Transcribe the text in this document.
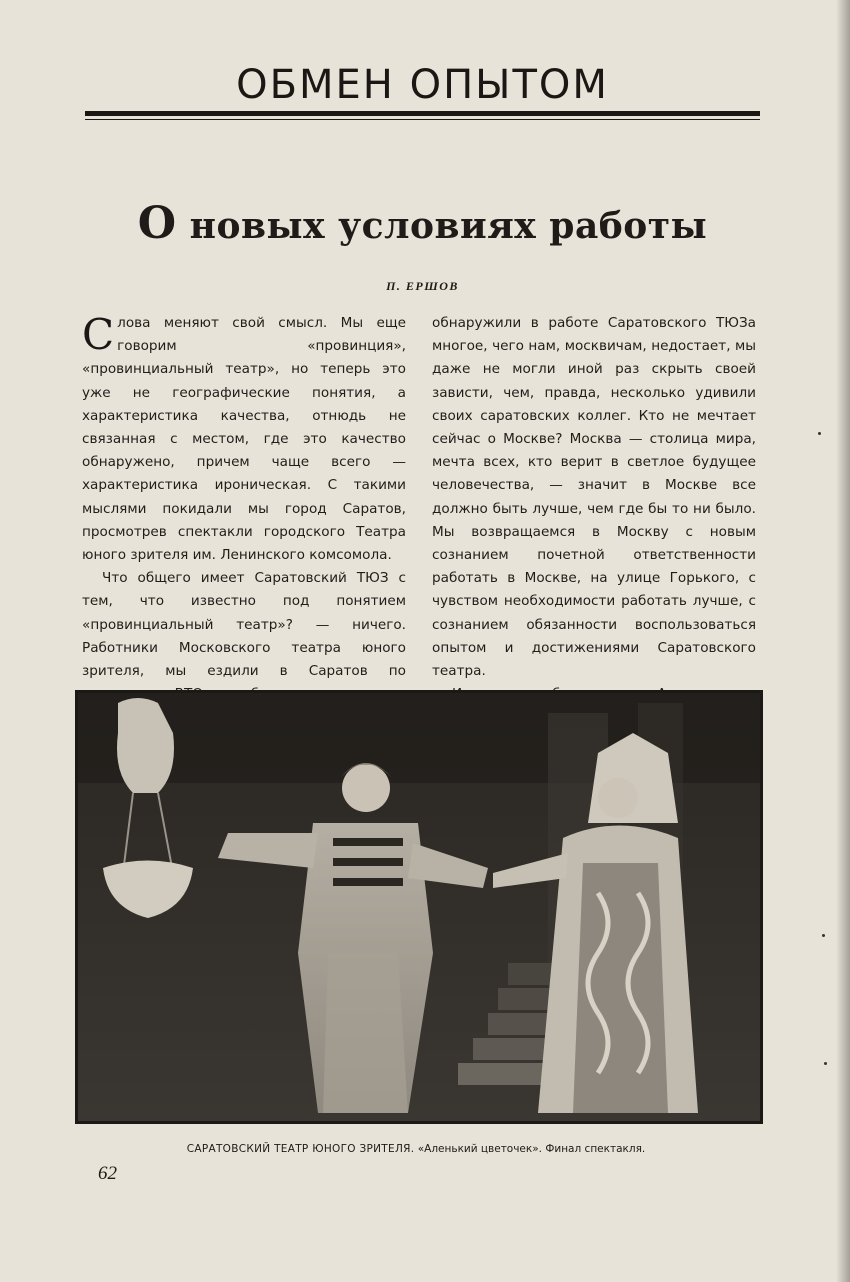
ОБМЕН ОПЫТОМ
О новых условиях работы
П. ЕРШОВ

Слова меняют свой смысл. Мы еще говорим «провинция», «провинциальный театр», но теперь это уже не географические понятия, а характеристика качества, отнюдь не связанная с местом, где это качество обнаружено, причем чаще всего — характеристика ироническая. С такими мыслями покидали мы город Саратов, просмотрев спектакли городского Театра юного зрителя им. Ленинского комсомола.

Что общего имеет Саратовский ТЮЗ с тем, что известно под понятием «провинциальный театр»? — ничего. Работники Московского театра юного зрителя, мы ездили в Саратов по

обнаружили в работе Саратовского ТЮЗа многое, чего нам, москвичам, недостает, мы даже не могли иной раз скрыть своей зависти, чем, правда, несколько удивили своих саратовских коллег. Кто не мечтает сейчас о Москве? Москва — столица мира, мечта всех, кто верит в светлое будущее человечества, — значит в Москве все должно быть лучше, чем где бы то ни было. Мы возвращаемся в Москву с новым сознанием почетной ответственности работать в Москве, на улице Горького, с чувством необходимости работать лучше, с сознанием обязанности воспользоваться опытом и достижениями Саратовского театра.

САРАТОВСКИЙ ТЕАТР ЮНОГО ЗРИТЕЛЯ. «Аленький цветочек». Финал спектакля.
62
